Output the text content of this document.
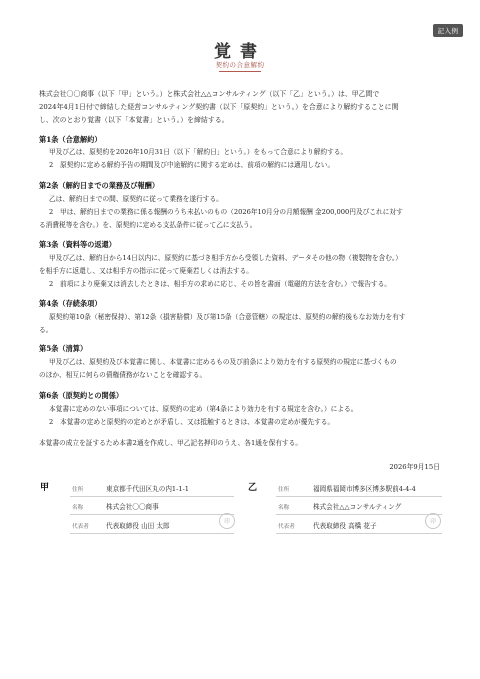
記入例
覚書
契約の合意解約
株式会社〇〇商事（以下「甲」という。）と株式会社△△コンサルティング（以下「乙」という。）は、甲乙間で
2024年4月1日付で締結した経営コンサルティング契約書（以下「原契約」という。）を合意により解約することに関
し、次のとおり覚書（以下「本覚書」という。）を締結する。
第1条（合意解約）
甲及び乙は、原契約を2026年10月31日（以下「解約日」という。）をもって合意により解約する。
2　原契約に定める解約予告の期間及び中途解約に関する定めは、前項の解約には適用しない。
第2条（解約日までの業務及び報酬）
乙は、解約日までの間、原契約に従って業務を遂行する。
2　甲は、解約日までの業務に係る報酬のうち未払いのもの（2026年10月分の月額報酬 金200,000円及びこれに対す
る消費税等を含む。）を、原契約に定める支払条件に従って乙に支払う。
第3条（資料等の返還）
甲及び乙は、解約日から14日以内に、原契約に基づき相手方から受領した資料、データその他の物（複製物を含む。）
を相手方に返還し、又は相手方の指示に従って廃棄若しくは消去する。
2　前項により廃棄又は消去したときは、相手方の求めに応じ、その旨を書面（電磁的方法を含む。）で報告する。
第4条（存続条項）
原契約第10条（秘密保持）、第12条（損害賠償）及び第15条（合意管轄）の規定は、原契約の解約後もなお効力を有す
る。
第5条（清算）
甲及び乙は、原契約及び本覚書に関し、本覚書に定めるもの及び前条により効力を有する原契約の規定に基づくもの
のほか、相互に何らの債権債務がないことを確認する。
第6条（原契約との関係）
本覚書に定めのない事項については、原契約の定め（第4条により効力を有する規定を含む。）による。
2　本覚書の定めと原契約の定めとが矛盾し、又は抵触するときは、本覚書の定めが優先する。
本覚書の成立を証するため本書2通を作成し、甲乙記名押印のうえ、各1通を保有する。
2026年9月15日
甲	住所	東京都千代田区丸の内1-1-1
名称	株式会社〇〇商事
代表者	代表取締役 山田 太郎	印
乙	住所	福岡県福岡市博多区博多駅前4-4-4
名称	株式会社△△コンサルティング
代表者	代表取締役 高橋 花子	印
